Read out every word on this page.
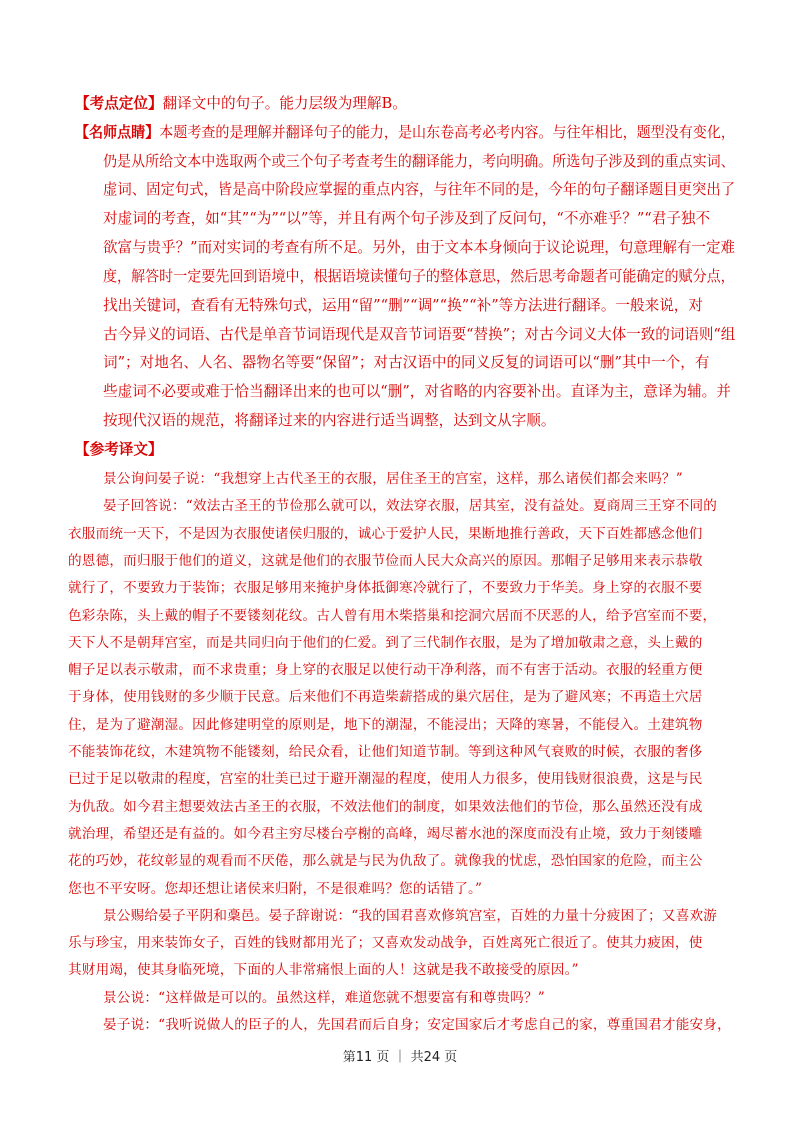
【考点定位】翻译文中的句子。能力层级为理解B。
【名师点睛】本题考查的是理解并翻译句子的能力，是山东卷高考必考内容。与往年相比，题型没有变化，
仍是从所给文本中选取两个或三个句子考查考生的翻译能力，考向明确。所选句子涉及到的重点实词、
虚词、固定句式，皆是高中阶段应掌握的重点内容，与往年不同的是，今年的句子翻译题目更突出了
对虚词的考查，如“其”“为”“以”等，并且有两个句子涉及到了反问句，“不亦难乎？”“君子独不
欲富与贵乎？”而对实词的考查有所不足。另外，由于文本本身倾向于议论说理，句意理解有一定难
度，解答时一定要先回到语境中，根据语境读懂句子的整体意思，然后思考命题者可能确定的赋分点，
找出关键词，查看有无特殊句式，运用“留”“删”“调”“换”“补”等方法进行翻译。一般来说，对
古今异义的词语、古代是单音节词语现代是双音节词语要“替换”；对古今词义大体一致的词语则“组
词”；对地名、人名、器物名等要“保留”；对古汉语中的同义反复的词语可以“删”其中一个，有
些虚词不必要或难于恰当翻译出来的也可以“删”，对省略的内容要补出。直译为主，意译为辅。并
按现代汉语的规范，将翻译过来的内容进行适当调整，达到文从字顺。
【参考译文】
景公询问晏子说：“我想穿上古代圣王的衣服，居住圣王的宫室，这样，那么诸侯们都会来吗？”
晏子回答说：“效法古圣王的节俭那么就可以，效法穿衣服，居其室，没有益处。夏商周三王穿不同的
衣服而统一天下，不是因为衣服使诸侯归服的，诚心于爱护人民，果断地推行善政，天下百姓都感念他们
的恩德，而归服于他们的道义，这就是他们的衣服节俭而人民大众高兴的原因。那帽子足够用来表示恭敬
就行了，不要致力于装饰；衣服足够用来掩护身体抵御寒冷就行了，不要致力于华美。身上穿的衣服不要
色彩杂陈，头上戴的帽子不要镂刻花纹。古人曾有用木柴搭巢和挖洞穴居而不厌恶的人，给予宫室而不要，
天下人不是朝拜宫室，而是共同归向于他们的仁爱。到了三代制作衣服，是为了增加敬肃之意，头上戴的
帽子足以表示敬肃，而不求贵重；身上穿的衣服足以使行动干净利落，而不有害于活动。衣服的轻重方便
于身体，使用钱财的多少顺于民意。后来他们不再造柴薪搭成的巢穴居住，是为了避风寒；不再造土穴居
住，是为了避潮湿。因此修建明堂的原则是，地下的潮湿，不能浸出；天降的寒暑，不能侵入。土建筑物
不能装饰花纹，木建筑物不能镂刻，给民众看，让他们知道节制。等到这种风气衰败的时候，衣服的奢侈
已过于足以敬肃的程度，宫室的壮美已过于避开潮湿的程度，使用人力很多，使用钱财很浪费，这是与民
为仇敌。如今君主想要效法古圣王的衣服，不效法他们的制度，如果效法他们的节俭，那么虽然还没有成
就治理，希望还是有益的。如今君主穷尽楼台亭榭的高峰，竭尽蓄水池的深度而没有止境，致力于刻镂雕
花的巧妙，花纹彰显的观看而不厌倦，那么就是与民为仇敌了。就像我的忧虑，恐怕国家的危险，而主公
您也不平安呀。您却还想让诸侯来归附，不是很难吗？您的话错了。”
景公赐给晏子平阴和稾邑。晏子辞谢说：“我的国君喜欢修筑宫室，百姓的力量十分疲困了；又喜欢游
乐与珍宝，用来装饰女子，百姓的钱财都用光了；又喜欢发动战争，百姓离死亡很近了。使其力疲困，使
其财用竭，使其身临死境，下面的人非常痛恨上面的人！这就是我不敢接受的原因。”
景公说：“这样做是可以的。虽然这样，难道您就不想要富有和尊贵吗？”
第11 页 ｜ 共24 页
晏子说：“我听说做人的臣子的人，先国君而后自身；安定国家后才考虑自己的家，尊重国君才能安身，
